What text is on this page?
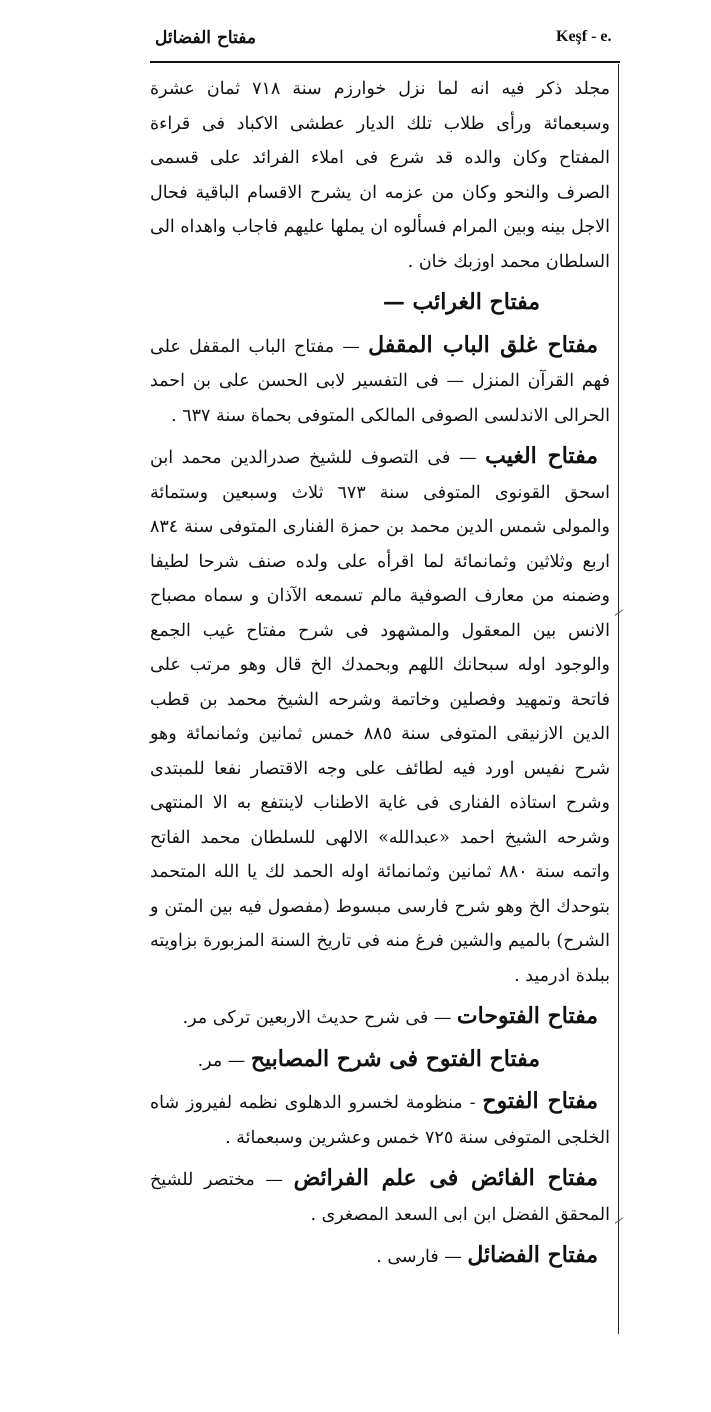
مفتاح الفضائل	Keşf - e.

مجلد ذکر فيه انه لما نزل خوارزم سنة ٧١٨ ثمان عشرة وسبعمائة ورأى طلاب تلك الديار عطشى الاكباد فى قراءة المفتاح وكان والده قد شرع فى املاء الفرائد على قسمى الصرف والنحو وكان من عزمه ان يشرح الاقسام الباقية فحال الاجل بينه وبين المرام فسألوه ان يملها عليهم فاجاب واهداه الى السلطان محمد اوزبك خان .

مفتاح الغرائب —

مفتاح غلق الباب المقفل — مفتاح الباب المقفل على فهم القرآن المنزل — فى التفسير لابى الحسن على بن احمد الحرالى الاندلسى الصوفى المالكى المتوفى بحماة سنة ٦٣٧ .

مفتاح الغيب — فى التصوف للشيخ صدرالدين محمد ابن اسحق القونوى المتوفى سنة ٦٧٣ ثلاث وسبعين وستمائة والمولى شمس الدين محمد بن حمزة الفنارى المتوفى سنة ٨٣٤ اربع وثلاثين وثمانمائة لما اقرأه على ولده صنف شرحا لطيفا وضمنه من معارف الصوفية مالم تسمعه الآذان و سماه مصباح الانس بين المعقول والمشهود فى شرح مفتاح غيب الجمع والوجود اوله سبحانك اللهم وبحمدك الخ قال وهو مرتب على فاتحة وتمهيد وفصلين وخاتمة وشرحه الشيخ محمد بن قطب الدين الازنيقى المتوفى سنة ٨٨٥ خمس ثمانين وثمانمائة وهو شرح نفيس اورد فيه لطائف على وجه الاقتصار نفعا للمبتدى وشرح استاذه الفنارى فى غاية الاطناب لاينتفع به الا المنتهى وشرحه الشيخ احمد «عبدالله» الالهى للسلطان محمد الفاتح واتمه سنة ٨٨٠ ثمانين وثمانمائة اوله الحمد لك يا الله المتحمد بتوحدك الخ وهو شرح فارسى مبسوط (مفصول فيه بين المتن و الشرح) بالميم والشين فرغ منه فى تاريخ السنة المزبورة بزاويته ببلدة ادرميد .

مفتاح الفتوحات — فى شرح حديث الاربعين تركى مر.

مفتاح الفتوح فى شرح المصابيح — مر.

مفتاح الفتوح - منظومة لخسرو الدهلوى نظمه لفيروز شاه الخلجى المتوفى سنة ٧٢٥ خمس وعشرين وسبعمائة .

مفتاح الفائض فى علم الفرائض — مختصر للشيخ المحقق الفضل ابن ابى السعد المصغرى .

مفتاح الفضائل — فارسى .
